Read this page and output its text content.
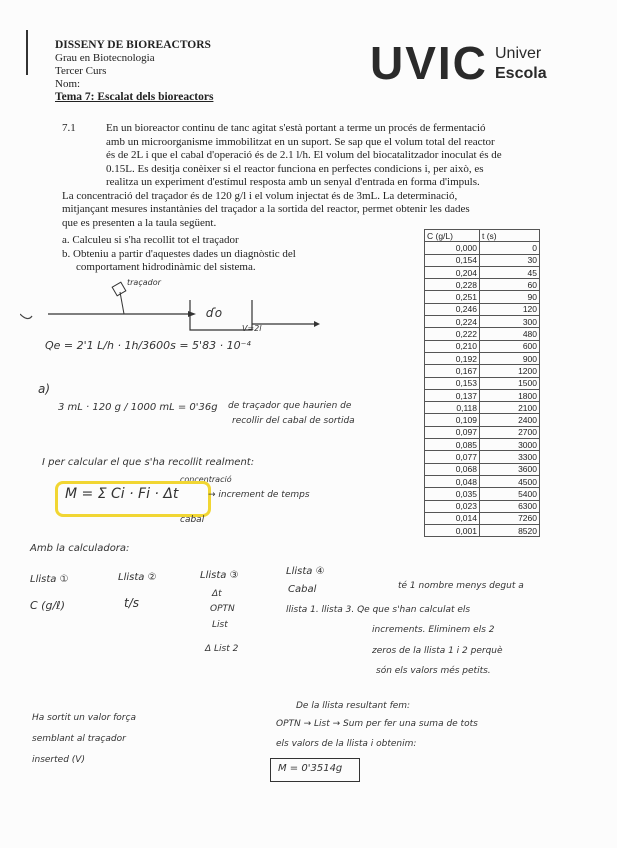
DISSENY DE BIOREACTORS
Grau en Biotecnologia
Tercer Curs
Nom:
Tema 7: Escalat dels bioreactors
UVIC Univer
Escola
7.1	En un bioreactor continu de tanc agitat s'està portant a terme un procés de fermentació
amb un microorganisme immobilitzat en un suport. Se sap que el volum total del reactor
és de 2L i que el cabal d'operació és de 2.1 l/h. El volum del biocatalitzador inoculat és de
0.15L. Es desitja conèixer si el reactor funciona en perfectes condicions i, per això, es
realitza un experiment d'estímul resposta amb un senyal d'entrada en forma d'impuls.
La concentració del traçador és de 120 g/l i el volum injectat és de 3mL. La determinació,
mitjançant mesures instantànies del traçador a la sortida del reactor, permet obtenir les dades
que es presenten a la taula següent.
a. Calculeu si s'ha recollit tot el traçador
b. Obteniu a partir d'aquestes dades un diagnòstic del
comportament hidrodinàmic del sistema.
C (g/L)	t (s)
0,000	0
0,154	30
0,204	45
0,228	60
0,251	90
0,246	120
0,224	300
0,222	480
0,210	600
0,192	900
0,167	1200
0,153	1500
0,137	1800
0,118	2100
0,109	2400
0,097	2700
0,085	3000
0,077	3300
0,068	3600
0,048	4500
0,035	5400
0,023	6300
0,014	7260
0,001	8520
traçador
ɗo
V=2l
Qe = 2'1 L/h · 1h/3600s = 5'83 · 10⁻⁴
a)
3 mL · 120 g / 1000 mL = 0'36g de traçador que haurien de
recollir del cabal de sortida
I per calcular el que s'ha recollit realment:
concentració
M = Σ Ci · Fi · Δt	→ increment de temps
cabal
Amb la calculadora:
Llista ①
C (g/ℓ)
Llista ②
t/s
Llista ③
Δt
OPTN
List
Δ List 2
Llista ④
Cabal	té 1 nombre menys degut a
llista 1. llista 3. Qe que s'han calculat els
increments. Eliminem els 2
zeros de la llista 1 i 2 perquè
són els valors més petits.
De la llista resultant fem:
OPTN → List → Sum per fer una suma de tots
els valors de la llista i obtenim:
M = 0'3514g
Ha sortit un valor força
semblant al traçador
inserted (V)
